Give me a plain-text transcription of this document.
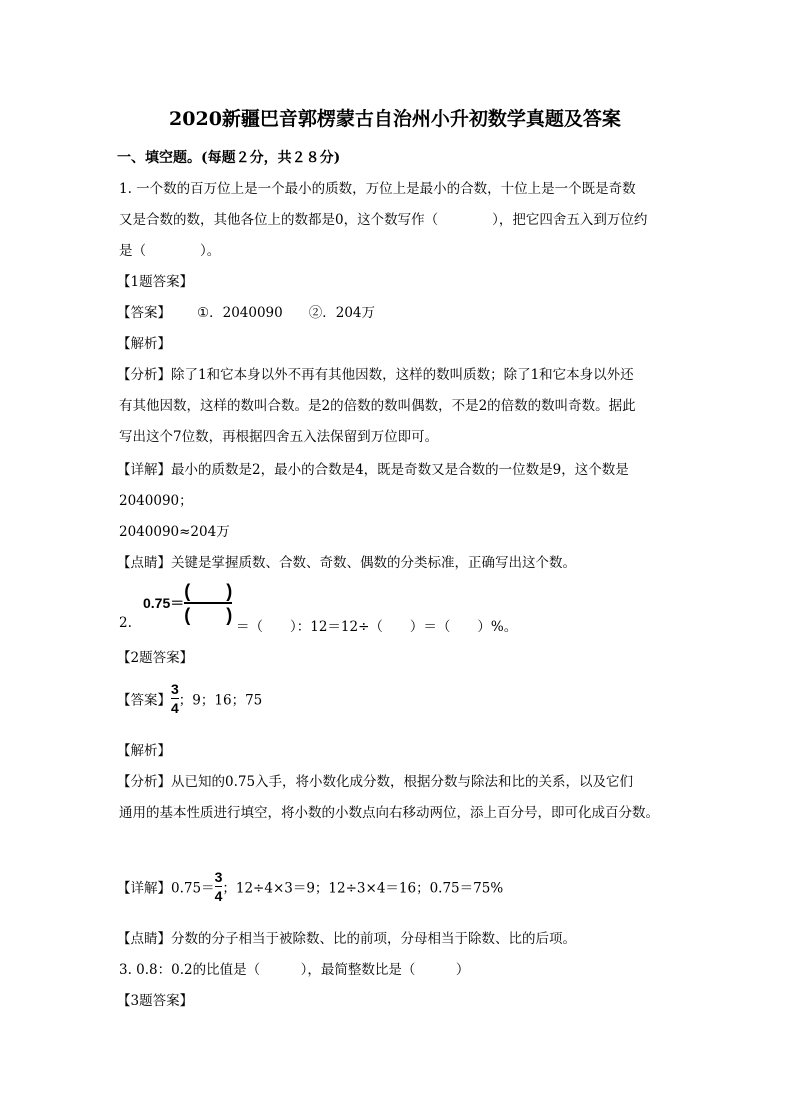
2020新疆巴音郭楞蒙古自治州小升初数学真题及答案
一、填空题。(每题２分，共２８分)
1. 一个数的百万位上是一个最小的质数，万位上是最小的合数，十位上是一个既是奇数
又是合数的数，其他各位上的数都是0，这个数写作（　　　　），把它四舍五入到万位约
是（　　　　）。
【1题答案】
【答案】 ①．2040090 ②．204万
【解析】
【分析】除了1和它本身以外不再有其他因数，这样的数叫质数；除了1和它本身以外还
有其他因数，这样的数叫合数。是2的倍数的数叫偶数，不是2的倍数的数叫奇数。据此
写出这个7位数，再根据四舍五入法保留到万位即可。
【详解】最小的质数是2，最小的合数是4，既是奇数又是合数的一位数是9，这个数是
2040090；
2040090≈204万
【点睛】关键是掌握质数、合数、奇数、偶数的分类标准，正确写出这个数。
2.
$0.75= \frac{( )}{( )}$
＝（　　）：12＝12÷（　　）＝（　　）%。
【2题答案】
【答案】 $\frac{3}{4}$ ；9；16；75
【解析】
【分析】从已知的0.75入手，将小数化成分数，根据分数与除法和比的关系，以及它们
通用的基本性质进行填空，将小数的小数点向右移动两位，添上百分号，即可化成百分数。
【详解】$0.75= \frac{3}{4}$ ；12÷4×3＝9；12÷3×4＝16；0.75＝75%
【点睛】分数的分子相当于被除数、比的前项，分母相当于除数、比的后项。
3. 0.8：0.2的比值是（　　　），最简整数比是（　　　）
【3题答案】
